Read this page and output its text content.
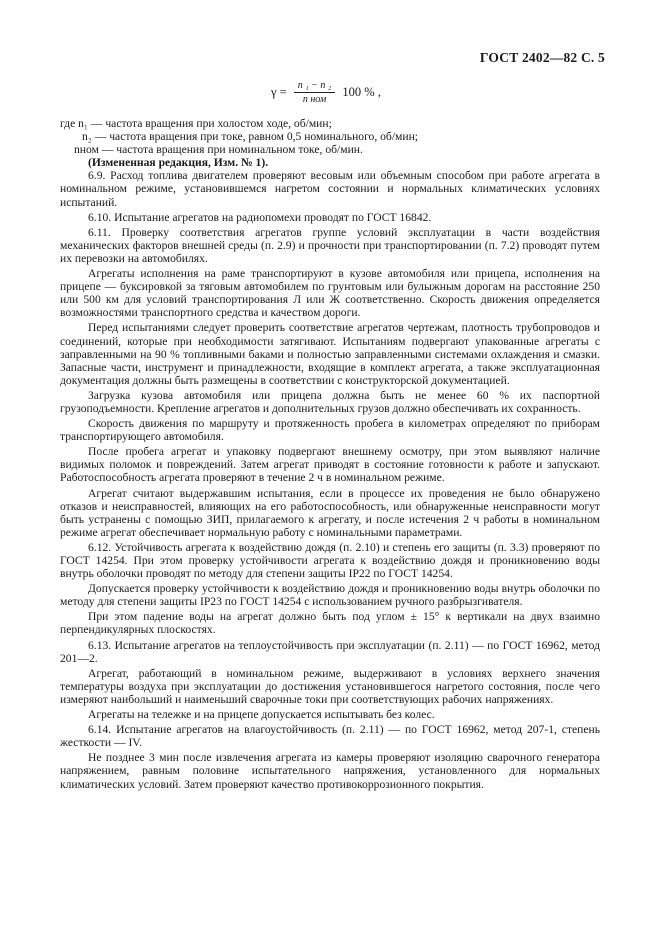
ГОСТ 2402—82 С. 5
$\gamma = \frac{\text{n ₁ − n ₂}}{\text{n ном}} 100$ % ,

где n₁ — частота вращения при холостом ходе, об/мин;

n₂ — частота вращения при токе, равном 0,5 номинального, об/мин;

nном — частота вращения при номинальном токе, об/мин.

(Измененная редакция, Изм. № 1).

6.9. Расход топлива двигателем проверяют весовым или объемным способом при работе агрегата в номинальном режиме, установившемся нагретом состоянии и нормальных климатических условиях испытаний.

6.10. Испытание агрегатов на радиопомехи проводят по ГОСТ 16842.

6.11. Проверку соответствия агрегатов группе условий эксплуатации в части воздействия механических факторов внешней среды (п. 2.9) и прочности при транспортировании (п. 7.2) проводят путем их перевозки на автомобилях.

Агрегаты исполнения на раме транспортируют в кузове автомобиля или прицепа, исполнения на прицепе — буксировкой за тяговым автомобилем по грунтовым или булыжным дорогам на расстояние 250 или 500 км для условий транспортирования Л или Ж соответственно. Скорость движения определяется возможностями транспортного средства и качеством дороги.

Перед испытаниями следует проверить соответствие агрегатов чертежам, плотность трубопроводов и соединений, которые при необходимости затягивают. Испытаниям подвергают упакованные агрегаты с заправленными на 90 % топливными баками и полностью заправленными системами охлаждения и смазки. Запасные части, инструмент и принадлежности, входящие в комплект агрегата, а также эксплуатационная документация должны быть размещены в соответствии с конструкторской документацией.

Загрузка кузова автомобиля или прицепа должна быть не менее 60 % их паспортной грузоподъемности. Крепление агрегатов и дополнительных грузов должно обеспечивать их сохранность.

Скорость движения по маршруту и протяженность пробега в километрах определяют по приборам транспортирующего автомобиля.

После пробега агрегат и упаковку подвергают внешнему осмотру, при этом выявляют наличие видимых поломок и повреждений. Затем агрегат приводят в состояние готовности к работе и запускают. Работоспособность агрегата проверяют в течение 2 ч в номинальном режиме.

Агрегат считают выдержавшим испытания, если в процессе их проведения не было обнаружено отказов и неисправностей, влияющих на его работоспособность, или обнаруженные неисправности могут быть устранены с помощью ЗИП, прилагаемого к агрегату, и после истечения 2 ч работы в номинальном режиме агрегат обеспечивает нормальную работу с номинальными параметрами.

6.12. Устойчивость агрегата к воздействию дождя (п. 2.10) и степень его защиты (п. 3.3) проверяют по ГОСТ 14254. При этом проверку устойчивости агрегата к воздействию дождя и проникновению воды внутрь оболочки проводят по методу для степени защиты IP22 по ГОСТ 14254.

Допускается проверку устойчивости к воздействию дождя и проникновению воды внутрь оболочки по методу для степени защиты IP23 по ГОСТ 14254 с использованием ручного разбрызгивателя.

При этом падение воды на агрегат должно быть под углом ± 15° к вертикали на двух взаимно перпендикулярных плоскостях.

6.13. Испытание агрегатов на теплоустойчивость при эксплуатации (п. 2.11) — по ГОСТ 16962, метод 201—2.

Агрегат, работающий в номинальном режиме, выдерживают в условиях верхнего значения температуры воздуха при эксплуатации до достижения установившегося нагретого состояния, после чего измеряют наибольший и наименьший сварочные токи при соответствующих рабочих напряжениях.

Агрегаты на тележке и на прицепе допускается испытывать без колес.

6.14. Испытание агрегатов на влагоустойчивость (п. 2.11) — по ГОСТ 16962, метод 207-1, степень жесткости — IV.

Не позднее 3 мин после извлечения агрегата из камеры проверяют изоляцию сварочного генератора напряжением, равным половине испытательного напряжения, установленного для нормальных климатических условий. Затем проверяют качество противокоррозионного покрытия.
